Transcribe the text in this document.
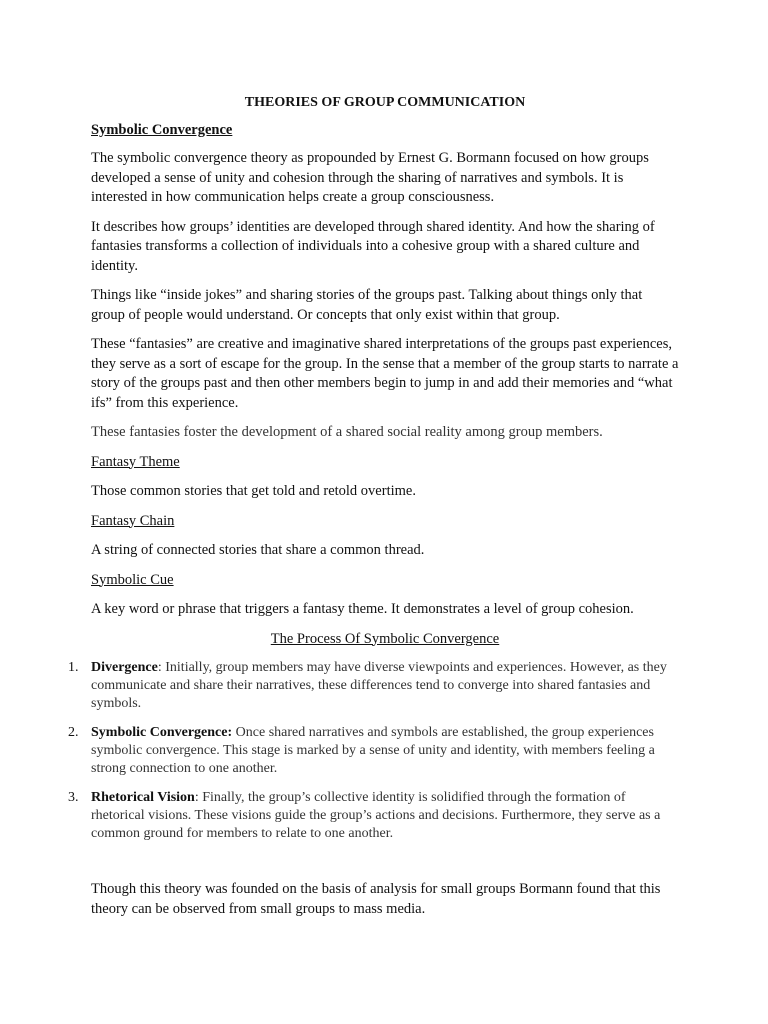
THEORIES OF GROUP COMMUNICATION
Symbolic Convergence

The symbolic convergence theory as propounded by Ernest G. Bormann focused on how groups developed a sense of unity and cohesion through the sharing of narratives and symbols. It is interested in how communication helps create a group consciousness.

It describes how groups’ identities are developed through shared identity. And how the sharing of fantasies transforms a collection of individuals into a cohesive group with a shared culture and identity.

Things like “inside jokes” and sharing stories of the groups past. Talking about things only that group of people would understand. Or concepts that only exist within that group.

These “fantasies” are creative and imaginative shared interpretations of the groups past experiences, they serve as a sort of escape for the group. In the sense that a member of the group starts to narrate a story of the groups past and then other members begin to jump in and add their memories and “what ifs” from this experience.

These fantasies foster the development of a shared social reality among group members.

Fantasy Theme

Those common stories that get told and retold overtime.

Fantasy Chain

A string of connected stories that share a common thread.

Symbolic Cue

A key word or phrase that triggers a fantasy theme. It demonstrates a level of group cohesion.

The Process Of Symbolic Convergence
1. Divergence: Initially, group members may have diverse viewpoints and experiences. However, as they communicate and share their narratives, these differences tend to converge into shared fantasies and symbols.
2. Symbolic Convergence: Once shared narratives and symbols are established, the group experiences symbolic convergence. This stage is marked by a sense of unity and identity, with members feeling a strong connection to one another.
3. Rhetorical Vision: Finally, the group’s collective identity is solidified through the formation of rhetorical visions. These visions guide the group’s actions and decisions. Furthermore, they serve as a common ground for members to relate to one another.

Though this theory was founded on the basis of analysis for small groups Bormann found that this theory can be observed from small groups to mass media.
